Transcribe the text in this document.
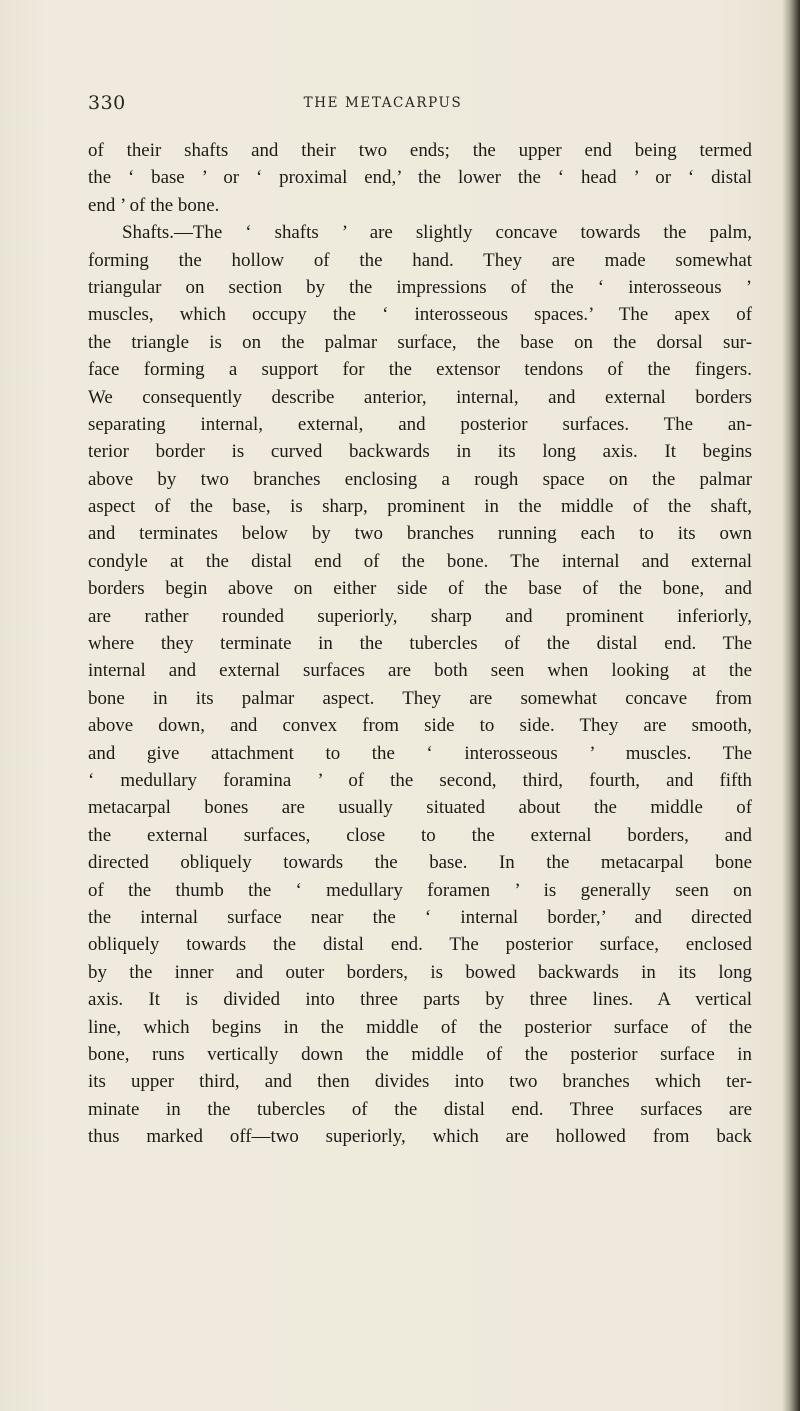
330	THE METACARPUS
of their shafts and their two ends; the upper end being termed
the ‘ base ’ or ‘ proximal end,’ the lower the ‘ head ’ or ‘ distal
end ’ of the bone.
Shafts.—The ‘ shafts ’ are slightly concave towards the palm,
forming the hollow of the hand. They are made somewhat
triangular on section by the impressions of the ‘ interosseous ’
muscles, which occupy the ‘ interosseous spaces.’ The apex of
the triangle is on the palmar surface, the base on the dorsal sur-
face forming a support for the extensor tendons of the fingers.
We consequently describe anterior, internal, and external borders
separating internal, external, and posterior surfaces. The an-
terior border is curved backwards in its long axis. It begins
above by two branches enclosing a rough space on the palmar
aspect of the base, is sharp, prominent in the middle of the shaft,
and terminates below by two branches running each to its own
condyle at the distal end of the bone. The internal and external
borders begin above on either side of the base of the bone, and
are rather rounded superiorly, sharp and prominent inferiorly,
where they terminate in the tubercles of the distal end. The
internal and external surfaces are both seen when looking at the
bone in its palmar aspect. They are somewhat concave from
above down, and convex from side to side. They are smooth,
and give attachment to the ‘ interosseous ’ muscles. The
‘ medullary foramina ’ of the second, third, fourth, and fifth
metacarpal bones are usually situated about the middle of
the external surfaces, close to the external borders, and
directed obliquely towards the base. In the metacarpal bone
of the thumb the ‘ medullary foramen ’ is generally seen on
the internal surface near the ‘ internal border,’ and directed
obliquely towards the distal end. The posterior surface, enclosed
by the inner and outer borders, is bowed backwards in its long
axis. It is divided into three parts by three lines. A vertical
line, which begins in the middle of the posterior surface of the
bone, runs vertically down the middle of the posterior surface in
its upper third, and then divides into two branches which ter-
minate in the tubercles of the distal end. Three surfaces are
thus marked off—two superiorly, which are hollowed from back
